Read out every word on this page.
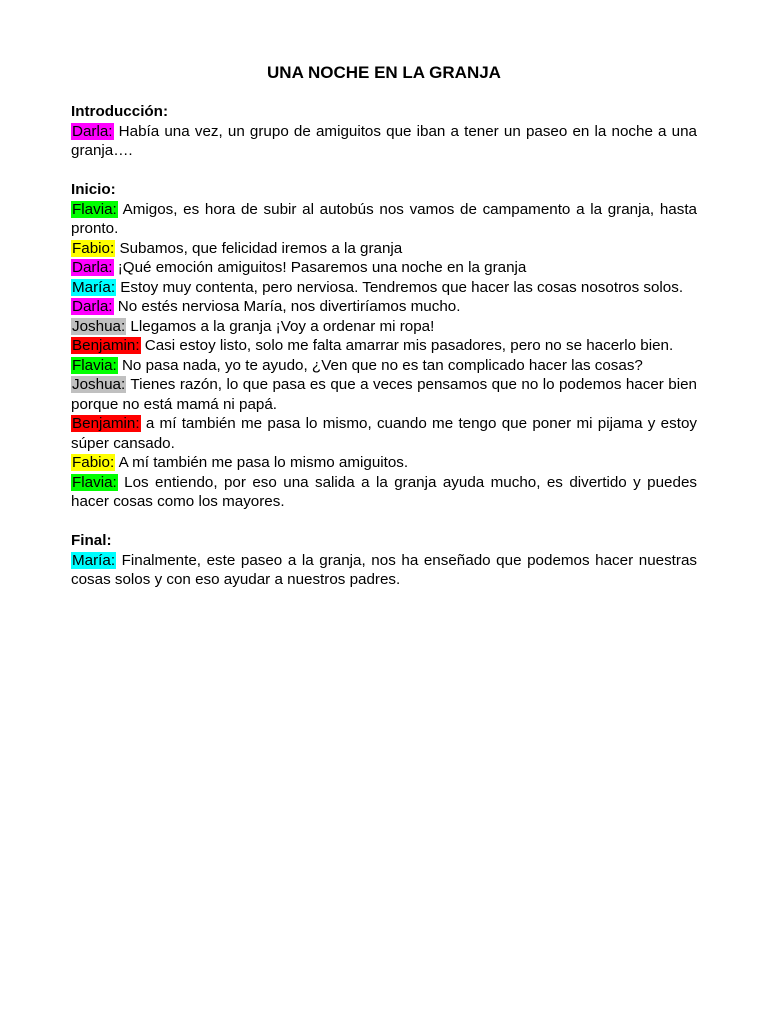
UNA NOCHE EN LA GRANJA

Introducción:

Darla: Había una vez, un grupo de amiguitos que iban a tener un paseo en la noche a una granja….

Inicio:

Flavia: Amigos, es hora de subir al autobús nos vamos de campamento a la granja, hasta pronto.

Fabio: Subamos, que felicidad iremos a la granja

Darla: ¡Qué emoción amiguitos! Pasaremos una noche en la granja

María: Estoy muy contenta, pero nerviosa. Tendremos que hacer las cosas nosotros solos.

Darla: No estés nerviosa María, nos divertiríamos mucho.

Joshua: Llegamos a la granja ¡Voy a ordenar mi ropa!

Benjamin: Casi estoy listo, solo me falta amarrar mis pasadores, pero no se hacerlo bien.

Flavia: No pasa nada, yo te ayudo, ¿Ven que no es tan complicado hacer las cosas?

Joshua: Tienes razón, lo que pasa es que a veces pensamos que no lo podemos hacer bien porque no está mamá ni papá.

Benjamin: a mí también me pasa lo mismo, cuando me tengo que poner mi pijama y estoy súper cansado.

Fabio: A mí también me pasa lo mismo amiguitos.

Flavia: Los entiendo, por eso una salida a la granja ayuda mucho, es divertido y puedes hacer cosas como los mayores.

Final:

María: Finalmente, este paseo a la granja, nos ha enseñado que podemos hacer nuestras cosas solos y con eso ayudar a nuestros padres.
